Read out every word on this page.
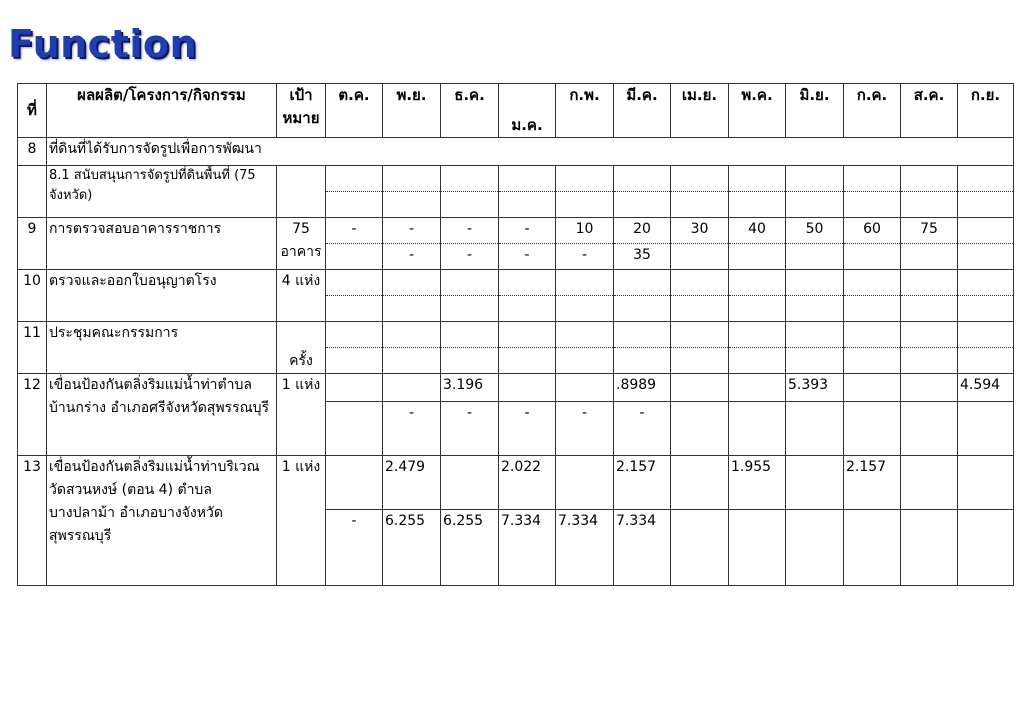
Function
ที่	ผลผลิต/โครงการ/กิจกรรม	เป้าหมาย	ต.ค.	พ.ย.	ธ.ค.	ม.ค.	ก.พ.	มี.ค.	เม.ย.	พ.ค.	มิ.ย.	ก.ค.	ส.ค.	ก.ย.
8	ที่ดินที่ได้รับการจัดรูปเพื่อการพัฒนา													
	8.1 สนับสนุนการจัดรูปที่ดินพื้นที่ (75 จังหวัด)													

9	การตรวจสอบอาคารราชการ	75 อาคาร	-	-	-	-	10	20	30	40	50	60	75	
				-	-	-	-	35						
10	ตรวจและออกใบอนุญาตโรง	4 แห่ง												

11	ประชุมคณะกรรมการ	ครั้ง												

12	เขื่อนป้องกันตลิ่งริมแม่น้ำท่าตำบลบ้านกร่าง อำเภอศรีจังหวัดสุพรรณบุรี	1 แห่ง			3.196			.8989			5.393			4.594
				-	-	-	-	-						
13	เขื่อนป้องกันตลิ่งริมแม่น้ำท่าบริเวณวัดสวนหงษ์ (ตอน 4) ตำบลบางปลาม้า อำเภอบางจังหวัดสุพรรณบุรี	1 แห่ง		2.479		2.022		2.157		1.955		2.157		
			-	6.255	6.255	7.334	7.334	7.334						
